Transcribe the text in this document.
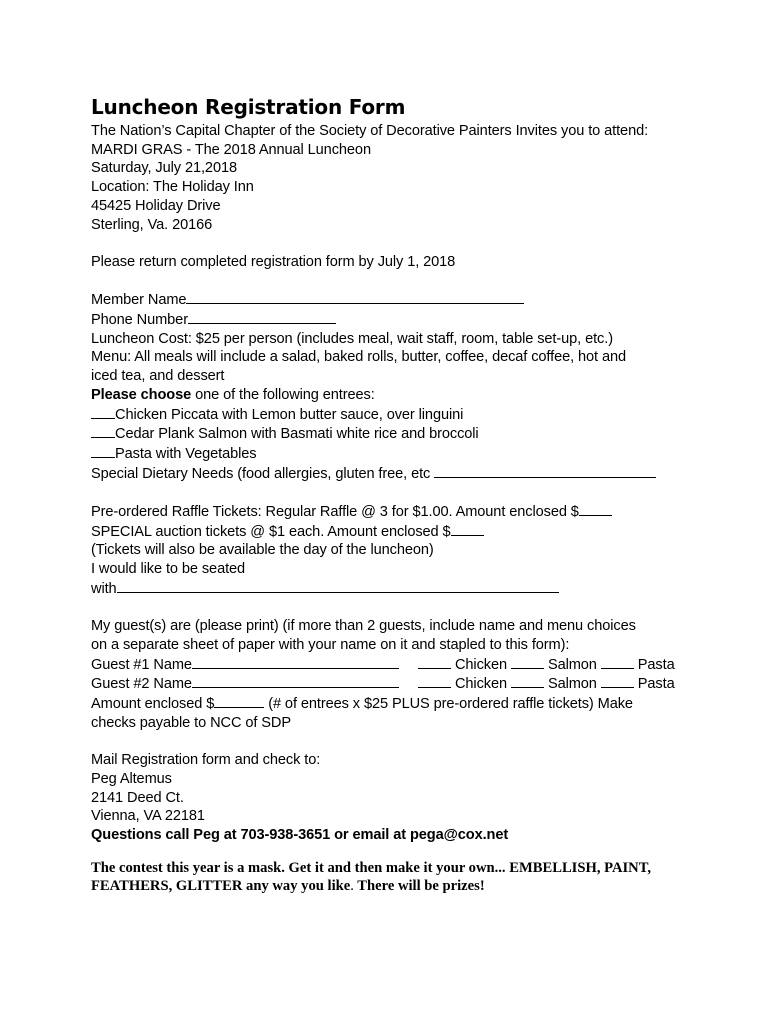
Luncheon Registration Form
The Nation’s Capital Chapter of the Society of Decorative Painters Invites you to attend:
MARDI GRAS - The 2018 Annual Luncheon
Saturday, July 21,2018
Location: The Holiday Inn
45425 Holiday Drive
Sterling, Va. 20166
Please return completed registration form by July 1, 2018
Member Name
Phone Number
Luncheon Cost: $25 per person (includes meal, wait staff, room, table set-up, etc.)
Menu: All meals will include a salad, baked rolls, butter, coffee, decaf coffee, hot and
iced tea, and dessert
Please choose one of the following entrees:
Chicken Piccata with Lemon butter sauce, over linguini
Cedar Plank Salmon with Basmati white rice and broccoli
Pasta with Vegetables
Special Dietary Needs (food allergies, gluten free, etc
Pre-ordered Raffle Tickets: Regular Raffle @ 3 for $1.00. Amount enclosed $
SPECIAL auction tickets @ $1 each. Amount enclosed $
(Tickets will also be available the day of the luncheon)
I would like to be seated
with
My guest(s) are (please print) (if more than 2 guests, include name and menu choices
on a separate sheet of paper with your name on it and stapled to this form):
Guest #1 Name	Chicken	Salmon	Pasta
Guest #2 Name	Chicken	Salmon	Pasta
Amount enclosed $	(# of entrees x $25 PLUS pre-ordered raffle tickets) Make
checks payable to NCC of SDP
Mail Registration form and check to:
Peg Altemus
2141 Deed Ct.
Vienna, VA 22181
Questions call Peg at 703-938-3651 or email at pega@cox.net
The contest this year is a mask. Get it and then make it your own... EMBELLISH, PAINT,
FEATHERS, GLITTER any way you like. There will be prizes!
